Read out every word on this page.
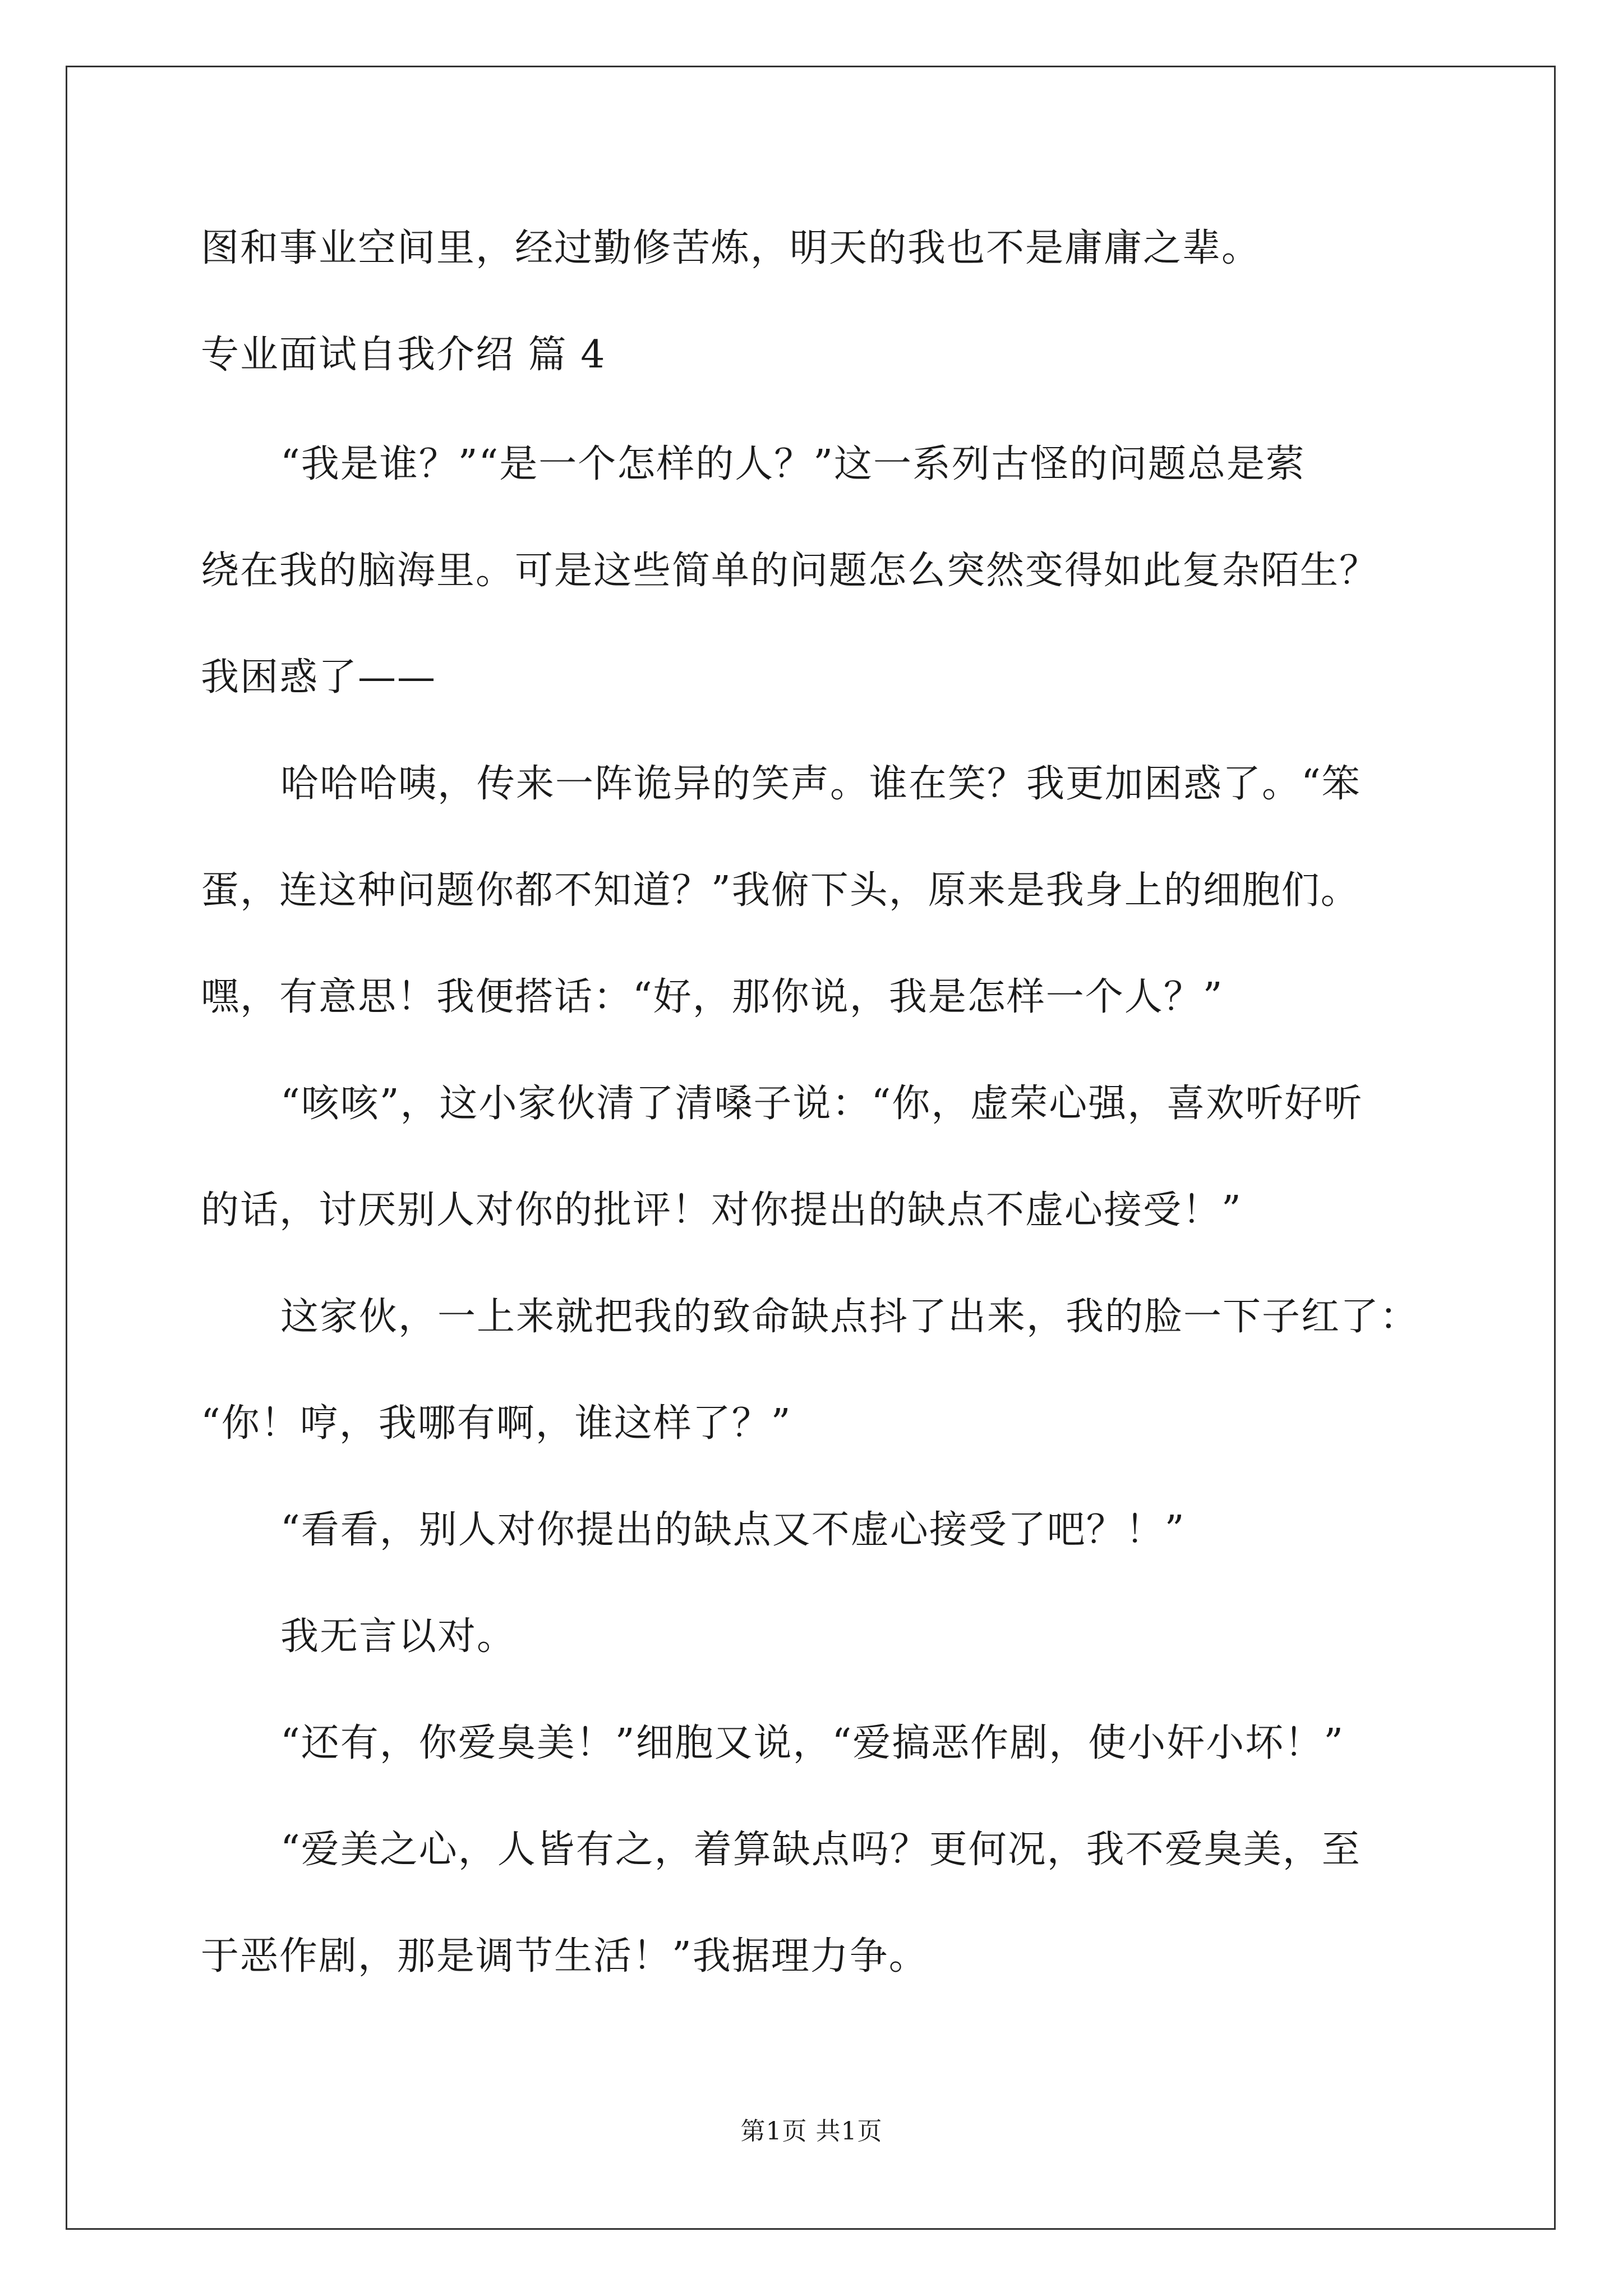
图和事业空间里，经过勤修苦炼，明天的我也不是庸庸之辈。
专业面试自我介绍 篇 4
“我是谁？”“是一个怎样的人？”这一系列古怪的问题总是萦
绕在我的脑海里。可是这些简单的问题怎么突然变得如此复杂陌生？
我困惑了——
哈哈哈咦，传来一阵诡异的笑声。谁在笑？我更加困惑了。“笨
蛋，连这种问题你都不知道？”我俯下头，原来是我身上的细胞们。
嘿，有意思！我便搭话：“好，那你说，我是怎样一个人？”
“咳咳”，这小家伙清了清嗓子说：“你，虚荣心强，喜欢听好听
的话，讨厌别人对你的批评！对你提出的缺点不虚心接受！”
这家伙，一上来就把我的致命缺点抖了出来，我的脸一下子红了：
“你！哼，我哪有啊，谁这样了？”
“看看，别人对你提出的缺点又不虚心接受了吧？！”
我无言以对。
“还有，你爱臭美！”细胞又说，“爱搞恶作剧，使小奸小坏！”
“爱美之心，人皆有之，着算缺点吗？更何况，我不爱臭美，至
于恶作剧，那是调节生活！”我据理力争。
第1页 共1页
